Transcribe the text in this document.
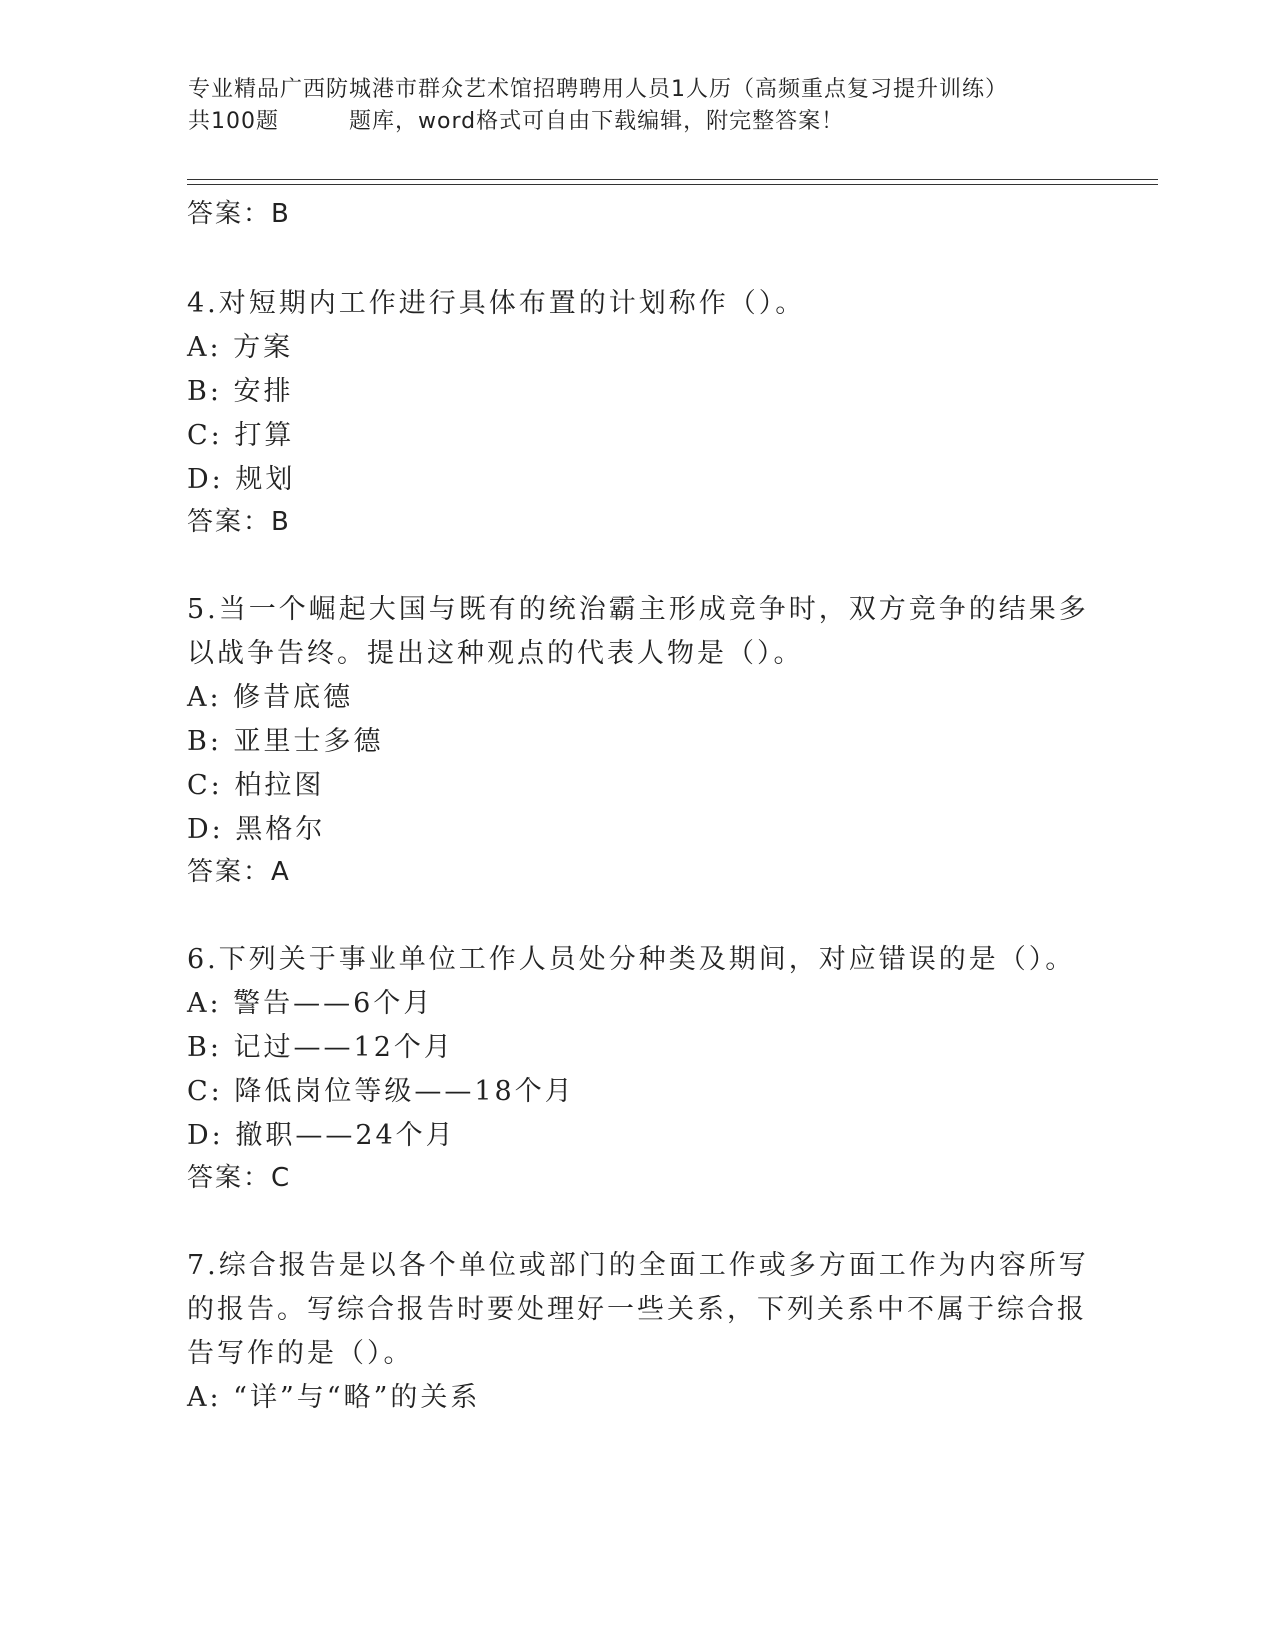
专业精品广西防城港市群众艺术馆招聘聘用人员1人历（高频重点复习提升训练）
共100题	题库，word格式可自由下载编辑，附完整答案！
答案：B
4.对短期内工作进行具体布置的计划称作（）。
A: 方案
B: 安排
C: 打算
D: 规划
答案：B
5.当一个崛起大国与既有的统治霸主形成竞争时，双方竞争的结果多
以战争告终。提出这种观点的代表人物是（）。
A: 修昔底德
B: 亚里士多德
C: 柏拉图
D: 黑格尔
答案：A
6.下列关于事业单位工作人员处分种类及期间，对应错误的是（）。
A: 警告——6个月
B: 记过——12个月
C: 降低岗位等级——18个月
D: 撤职——24个月
答案：C
7.综合报告是以各个单位或部门的全面工作或多方面工作为内容所写
的报告。写综合报告时要处理好一些关系，下列关系中不属于综合报
告写作的是（）。
A: “详”与“略”的关系
